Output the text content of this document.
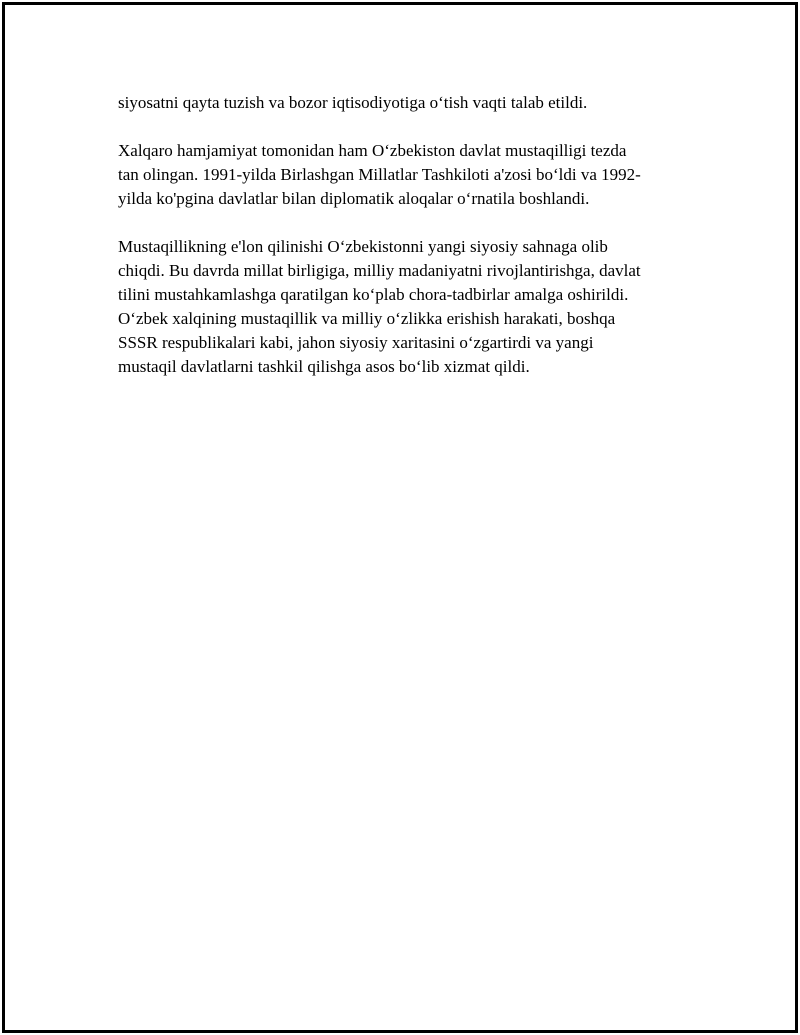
siyosatni qayta tuzish va bozor iqtisodiyotiga o‘tish vaqti talab etildi.

Xalqaro hamjamiyat tomonidan ham O‘zbekiston davlat mustaqilligi tezda
tan olingan. 1991-yilda Birlashgan Millatlar Tashkiloti a'zosi bo‘ldi va 1992-
yilda ko'pgina davlatlar bilan diplomatik aloqalar o‘rnatila boshlandi.

Mustaqillikning e'lon qilinishi O‘zbekistonni yangi siyosiy sahnaga olib
chiqdi. Bu davrda millat birligiga, milliy madaniyatni rivojlantirishga, davlat
tilini mustahkamlashga qaratilgan ko‘plab chora-tadbirlar amalga oshirildi.
O‘zbek xalqining mustaqillik va milliy o‘zlikka erishish harakati, boshqa
SSSR respublikalari kabi, jahon siyosiy xaritasini o‘zgartirdi va yangi
mustaqil davlatlarni tashkil qilishga asos bo‘lib xizmat qildi.
